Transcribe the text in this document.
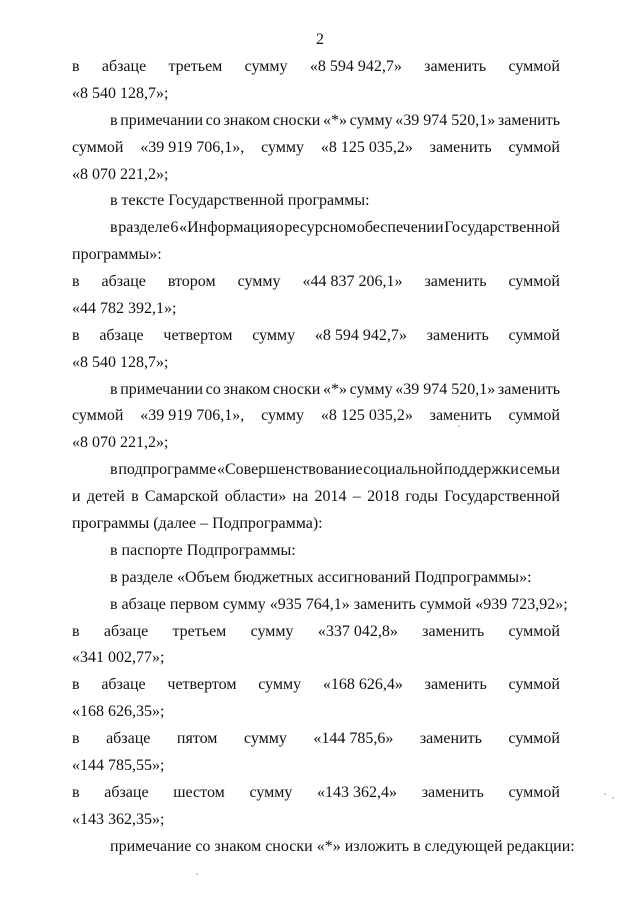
2
в абзаце третьем сумму «8 594 942,7» заменить суммой
«8 540 128,7»;
в примечании со знаком сноски «*» сумму «39 974 520,1» заменить
суммой «39 919 706,1», сумму «8 125 035,2» заменить суммой
«8 070 221,2»;
в тексте Государственной программы:
в разделе 6 «Информация о ресурсном обеспечении Государственной
программы»:
в абзаце втором сумму «44 837 206,1» заменить суммой
«44 782 392,1»;
в абзаце четвертом сумму «8 594 942,7» заменить суммой
«8 540 128,7»;
в примечании со знаком сноски «*» сумму «39 974 520,1» заменить
суммой «39 919 706,1», сумму «8 125 035,2» заменить суммой
«8 070 221,2»;
в подпрограмме «Совершенствование социальной поддержки семьи
и детей в Самарской области» на 2014 – 2018 годы Государственной
программы (далее – Подпрограмма):
в паспорте Подпрограммы:
в разделе «Объем бюджетных ассигнований Подпрограммы»:
в абзаце первом сумму «935 764,1» заменить суммой «939 723,92»;
в абзаце третьем сумму «337 042,8» заменить суммой
«341 002,77»;
в абзаце четвертом сумму «168 626,4» заменить суммой
«168 626,35»;
в абзаце пятом сумму «144 785,6» заменить суммой
«144 785,55»;
в абзаце шестом сумму «143 362,4» заменить суммой
«143 362,35»;
примечание со знаком сноски «*» изложить в следующей редакции:
